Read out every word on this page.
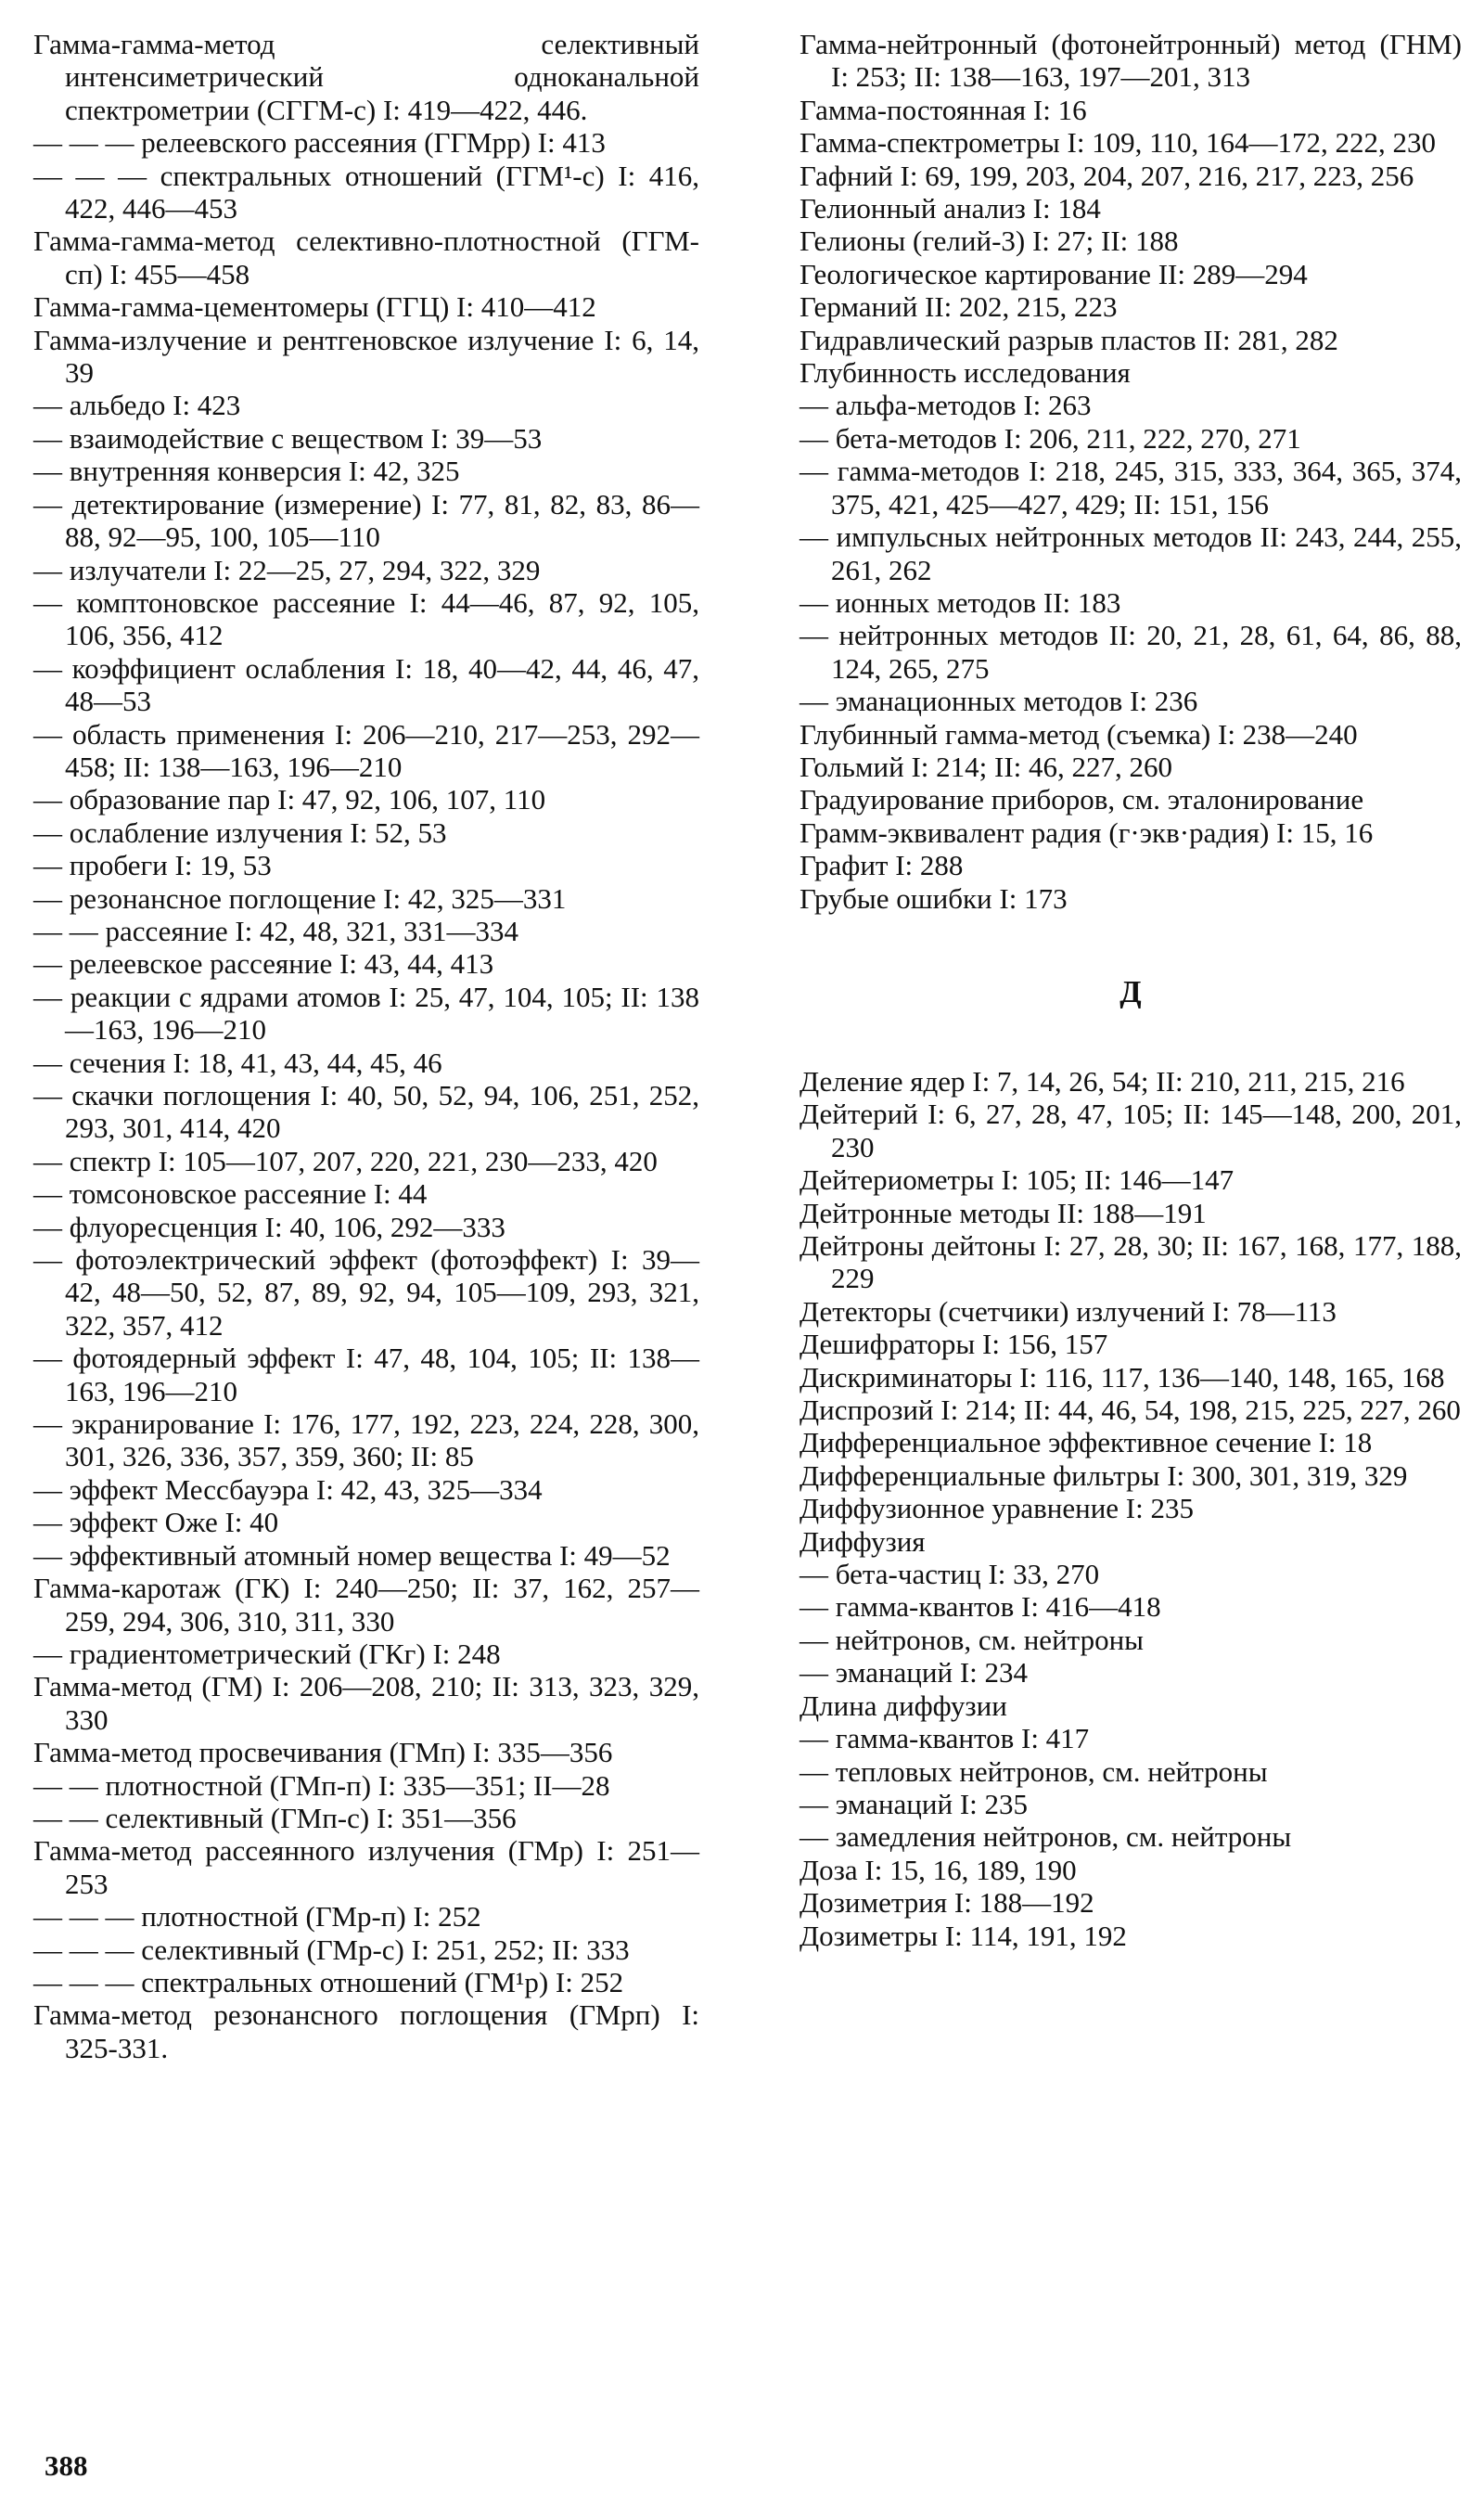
Гамма-гамма-метод селективный интенсиметрический одноканальной спектрометрии (СГГМ-с) I: 419—422, 446.

— — — релеевского рассеяния (ГГМрр) I: 413

— — — спектральных отношений (ГГМ¹-с) I: 416, 422, 446—453

Гамма-гамма-метод селективно-плотностной (ГГМ-сп) I: 455—458

Гамма-гамма-цементомеры (ГГЦ) I: 410—412

Гамма-излучение и рентгеновское излучение I: 6, 14, 39

— альбедо I: 423

— взаимодействие с веществом I: 39—53

— внутренняя конверсия I: 42, 325

— детектирование (измерение) I: 77, 81, 82, 83, 86—88, 92—95, 100, 105—110

— излучатели I: 22—25, 27, 294, 322, 329

— комптоновское рассеяние I: 44—46, 87, 92, 105, 106, 356, 412

— коэффициент ослабления I: 18, 40—42, 44, 46, 47, 48—53

— область применения I: 206—210, 217—253, 292—458; II: 138—163, 196—210

— образование пар I: 47, 92, 106, 107, 110

— ослабление излучения I: 52, 53

— пробеги I: 19, 53

— резонансное поглощение I: 42, 325—331

— — рассеяние I: 42, 48, 321, 331—334

— релеевское рассеяние I: 43, 44, 413

— реакции с ядрами атомов I: 25, 47, 104, 105; II: 138—163, 196—210

— сечения I: 18, 41, 43, 44, 45, 46

— скачки поглощения I: 40, 50, 52, 94, 106, 251, 252, 293, 301, 414, 420

— спектр I: 105—107, 207, 220, 221, 230—233, 420

— томсоновское рассеяние I: 44

— флуоресценция I: 40, 106, 292—333

— фотоэлектрический эффект (фотоэффект) I: 39—42, 48—50, 52, 87, 89, 92, 94, 105—109, 293, 321, 322, 357, 412

— фотоядерный эффект I: 47, 48, 104, 105; II: 138—163, 196—210

— экранирование I: 176, 177, 192, 223, 224, 228, 300, 301, 326, 336, 357, 359, 360; II: 85

— эффект Мессбауэра I: 42, 43, 325—334

— эффект Оже I: 40

— эффективный атомный номер вещества I: 49—52

Гамма-каротаж (ГК) I: 240—250; II: 37, 162, 257—259, 294, 306, 310, 311, 330

— градиентометрический (ГКг) I: 248

Гамма-метод (ГМ) I: 206—208, 210; II: 313, 323, 329, 330

Гамма-метод просвечивания (ГМп) I: 335—356

— — плотностной (ГМп-п) I: 335—351; II—28

— — селективный (ГМп-с) I: 351—356

Гамма-метод рассеянного излучения (ГМр) I: 251—253

— — — плотностной (ГМр-п) I: 252

— — — селективный (ГМр-с) I: 251, 252; II: 333

— — — спектральных отношений (ГМ¹р) I: 252

Гамма-метод резонансного поглощения (ГМрп) I: 325-331.

Гамма-нейтронный (фотонейтронный) метод (ГНМ) I: 253; II: 138—163, 197—201, 313

Гамма-постоянная I: 16

Гамма-спектрометры I: 109, 110, 164—172, 222, 230

Гафний I: 69, 199, 203, 204, 207, 216, 217, 223, 256

Гелионный анализ I: 184

Гелионы (гелий-3) I: 27; II: 188

Геологическое картирование II: 289—294

Германий II: 202, 215, 223

Гидравлический разрыв пластов II: 281, 282

Глубинность исследования

— альфа-методов I: 263

— бета-методов I: 206, 211, 222, 270, 271

— гамма-методов I: 218, 245, 315, 333, 364, 365, 374, 375, 421, 425—427, 429; II: 151, 156

— импульсных нейтронных методов II: 243, 244, 255, 261, 262

— ионных методов II: 183

— нейтронных методов II: 20, 21, 28, 61, 64, 86, 88, 124, 265, 275

— эманационных методов I: 236

Глубинный гамма-метод (съемка) I: 238—240

Гольмий I: 214; II: 46, 227, 260

Градуирование приборов, см. эталонирование

Грамм-эквивалент радия (г·экв·радия) I: 15, 16

Графит I: 288

Грубые ошибки I: 173

Д

Деление ядер I: 7, 14, 26, 54; II: 210, 211, 215, 216

Дейтерий I: 6, 27, 28, 47, 105; II: 145—148, 200, 201, 230

Дейтериометры I: 105; II: 146—147

Дейтронные методы II: 188—191

Дейтроны дейтоны I: 27, 28, 30; II: 167, 168, 177, 188, 229

Детекторы (счетчики) излучений I: 78—113

Дешифраторы I: 156, 157

Дискриминаторы I: 116, 117, 136—140, 148, 165, 168

Диспрозий I: 214; II: 44, 46, 54, 198, 215, 225, 227, 260

Дифференциальное эффективное сечение I: 18

Дифференциальные фильтры I: 300, 301, 319, 329

Диффузионное уравнение I: 235

Диффузия

— бета-частиц I: 33, 270

— гамма-квантов I: 416—418

— нейтронов, см. нейтроны

— эманаций I: 234

Длина диффузии

— гамма-квантов I: 417

— тепловых нейтронов, см. нейтроны

— эманаций I: 235

— замедления нейтронов, см. нейтроны

Доза I: 15, 16, 189, 190

Дозиметрия I: 188—192

Дозиметры I: 114, 191, 192

388
